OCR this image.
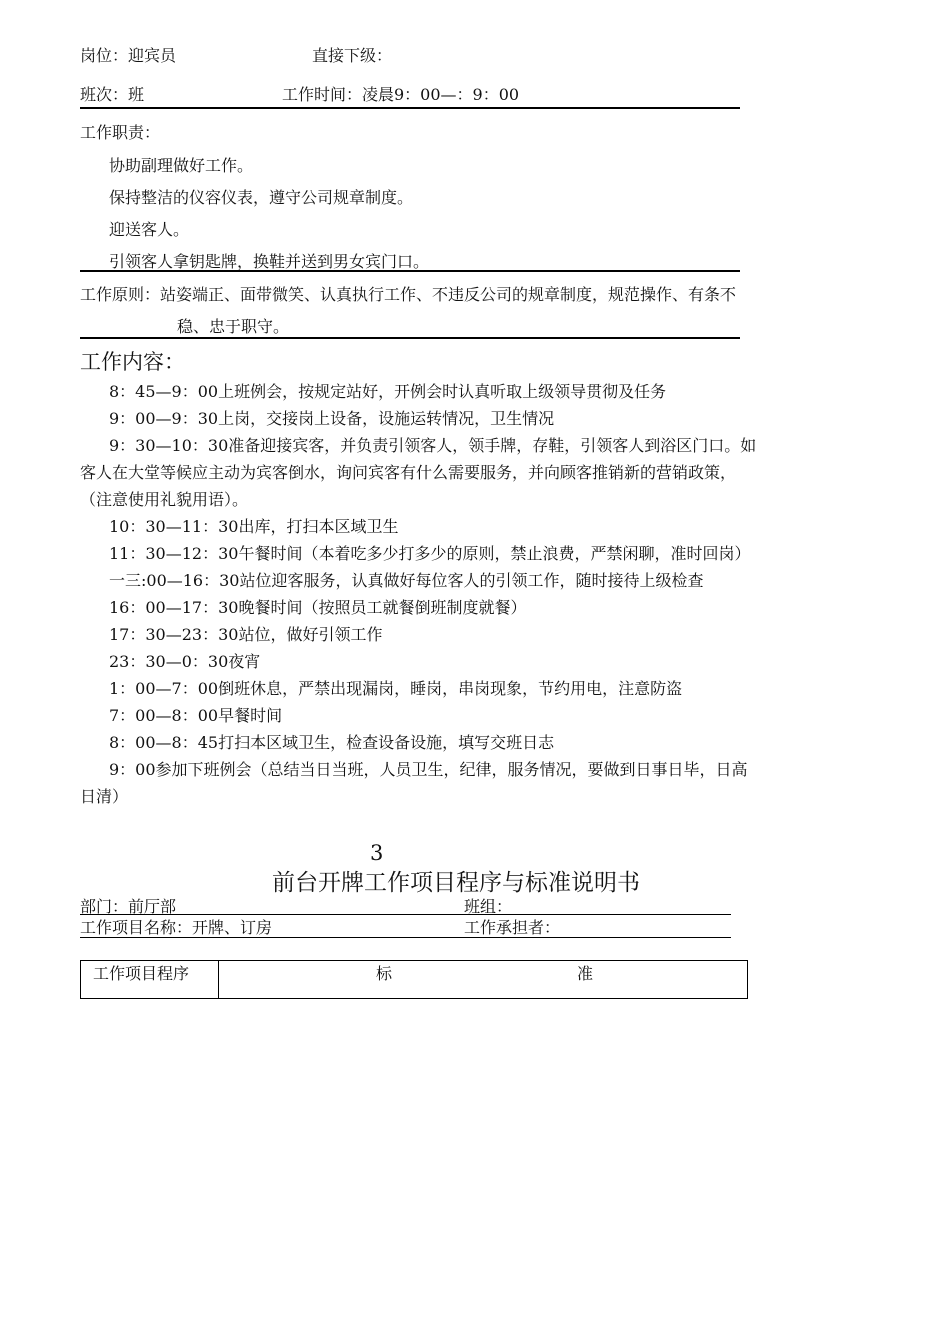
岗位：迎宾员	直接下级：
班次：班	工作时间：凌晨9：00—：9：00
工作职责：
协助副理做好工作。
保持整洁的仪容仪表，遵守公司规章制度。
迎送客人。
引领客人拿钥匙牌，换鞋并送到男女宾门口。
工作原则：站姿端正、面带微笑、认真执行工作、不违反公司的规章制度，规范操作、有条不
稳、忠于职守。
工作内容：
8：45—9：00上班例会，按规定站好，开例会时认真听取上级领导贯彻及任务
9：00—9：30上岗，交接岗上设备，设施运转情况，卫生情况
9：30—10：30准备迎接宾客，并负责引领客人，领手牌，存鞋，引领客人到浴区门口。如
客人在大堂等候应主动为宾客倒水，询问宾客有什么需要服务，并向顾客推销新的营销政策，
（注意使用礼貌用语）。
10：30—11：30出库，打扫本区域卫生
11：30—12：30午餐时间（本着吃多少打多少的原则，禁止浪费，严禁闲聊，准时回岗）
一三:00—16：30站位迎客服务，认真做好每位客人的引领工作，随时接待上级检查
16：00—17：30晚餐时间（按照员工就餐倒班制度就餐）
17：30—23：30站位，做好引领工作
23：30—0：30夜宵
1：00—7：00倒班休息，严禁出现漏岗，睡岗，串岗现象，节约用电，注意防盗
7：00—8：00早餐时间
8：00—8：45打扫本区域卫生，检查设备设施，填写交班日志
9：00参加下班例会（总结当日当班，人员卫生，纪律，服务情况，要做到日事日毕，日高
日清）
3
前台开牌工作项目程序与标准说明书
部门：前厅部	班组：
工作项目名称：开牌、订房	工作承担者：
工作项目程序	标	准
